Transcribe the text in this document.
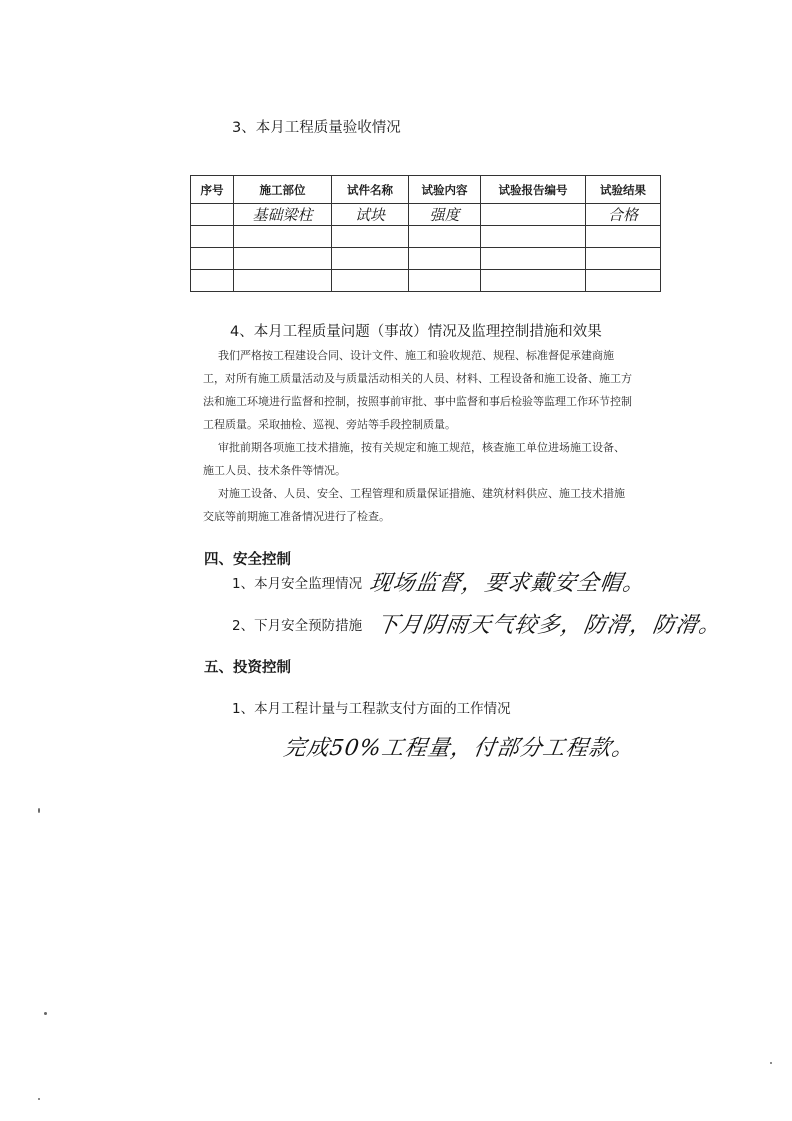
3、本月工程质量验收情况
序号	施工部位	试件名称	试验内容	试验报告编号	试验结果
	基础梁柱	试块	强度		合格

4、本月工程质量问题（事故）情况及监理控制措施和效果
我们严格按工程建设合同、设计文件、施工和验收规范、规程、标准督促承建商施
工，对所有施工质量活动及与质量活动相关的人员、材料、工程设备和施工设备、施工方
法和施工环境进行监督和控制，按照事前审批、事中监督和事后检验等监理工作环节控制
工程质量。采取抽检、巡视、旁站等手段控制质量。
审批前期各项施工技术措施，按有关规定和施工规范，核查施工单位进场施工设备、
施工人员、技术条件等情况。
对施工设备、人员、安全、工程管理和质量保证措施、建筑材料供应、施工技术措施
交底等前期施工准备情况进行了检查。
四、安全控制
1、本月安全监理情况 现场监督，要求戴安全帽。
2、下月安全预防措施 下月阴雨天气较多，防滑，防滑。
五、投资控制
1、本月工程计量与工程款支付方面的工作情况
完成50%工程量，付部分工程款。
